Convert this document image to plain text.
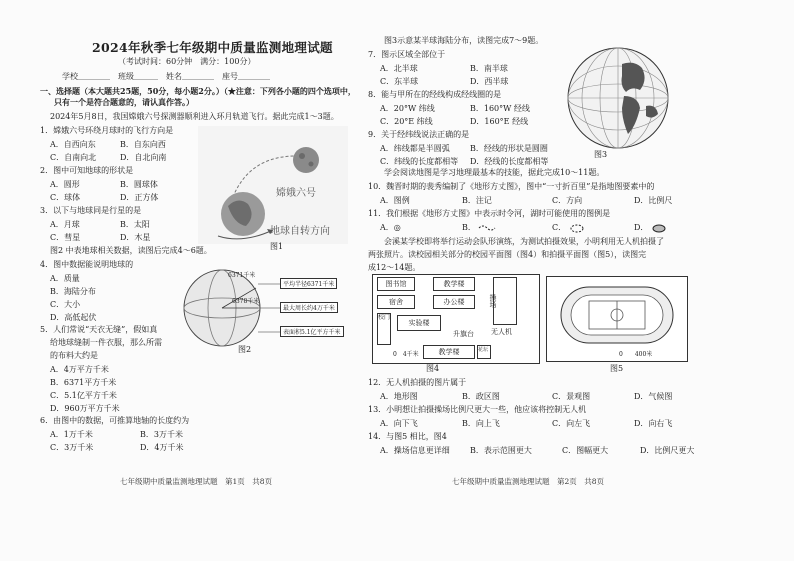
2024年秋季七年级期中质量监测地理试题
（考试时间：60分钟　满分：100分）
学校＿＿＿＿　班级＿＿＿　姓名＿＿＿＿　座号＿＿＿＿
一、选择题（本大题共25题，50分，每小题2分。）（★注意：下列各小题的四个选项中，
只有一个是符合题意的，请认真作答。）
2024年5月8日，我国嫦娥六号探测器顺利进入环月轨道飞行。据此完成1～3题。
1．嫦娥六号环绕月球时的飞行方向是
A．自西向东	B．自东向西
C．自南向北	D．自北向南
2．图中可知地球的形状是
A．圆形	B．圆球体
C．球体	D．正方体
3．以下与地球同是行星的是
A．月球	B．太阳
C．彗星	D．木星
嫦娥六号
地球自转方向
图1
图2 中表地球相关数据，读图后完成4～6题。
4．图中数据能说明地球的
A．质量
B．海陆分布
C．大小
D．高低起伏
5．人们常说“天衣无缝”，假如真
给地球缝制一件衣服，那么所需
的布料大约是
A．4万平方千米
B．6371平方千米
C．5.1亿平方千米
D．960万平方千米
6．由图中的数据，可推算地轴的长度约为
A．1万千米	B．3万千米
C．3万千米	D．4万千米
6371千米
6378千米
平均半径6371千米
最大周长约4万千米
表面积5.1亿平方千米
图2
七年级期中质量监测地理试题　第1页　共8页
图3示意某半球海陆分布，读图完成7～9题。
7．图示区域全部位于
A．北半球	B．南半球
C．东半球	D．西半球
8．能与甲所在的经线构成经线圈的是
A．20°W 纬线	B．160°W 经线
C．20°E 纬线	D．160°E 经线
9．关于经纬线说法正确的是
A．纬线都是半圆弧	B．经线的形状是圆圈
C．纬线的长度都相等 D．经线的长度都相等
图3
学会阅读地图是学习地理最基本的技能，据此完成10～11题。
10．魏晋时期的裴秀编制了《地形方丈图》，图中“一寸折百里”是指地图要素中的
A．图例	B．注记	C．方向	D．比例尺
11．我们根据《地形方丈图》中表示时令河，湖时可能使用的图例是
A．◎	B．	C．	D．
会溪某学校即将举行运动会队形演练，为测试拍摄效果，小明利用无人机拍摄了
两张照片。读校园相关部分的校园平面图（图4）和拍摄平面图（图5），读图完
成12～14题。
图书馆	教学楼
宿舍	办公楼
实验楼
操场
升旗台 无人机
教学楼
校门
花坛
0　4千米
图4
0　　400米
图5
12．无人机拍摄的图片属于
A．地形图	B．政区图	C．景观图	D．气候图
13．小明想让拍摄操场比例尺更大一些，他应该将控制无人机
A．向下飞	B．向上飞	C．向左飞	D．向右飞
14．与图5 相比，图4
A．操场信息更详细	B．表示范围更大	C．图幅更大	D．比例尺更大
七年级期中质量监测地理试题　第2页　共8页
